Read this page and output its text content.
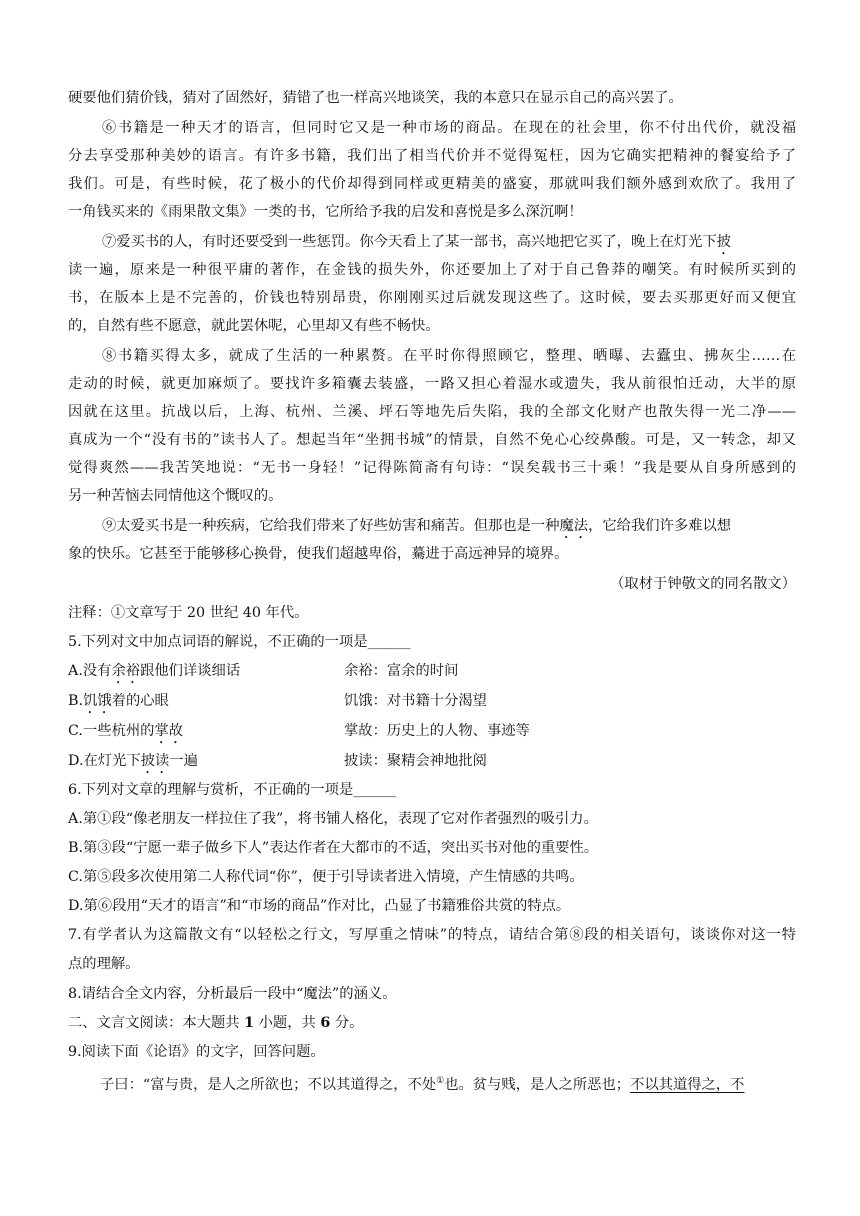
硬要他们猜价钱，猜对了固然好，猜错了也一样高兴地谈笑，我的本意只在显示自己的高兴罢了。
⑥书籍是一种天才的语言，但同时它又是一种市场的商品。在现在的社会里，你不付出代价，就没福
分去享受那种美妙的语言。有许多书籍，我们出了相当代价并不觉得冤枉，因为它确实把精神的餐宴给予了
我们。可是，有些时候，花了极小的代价却得到同样或更精美的盛宴，那就叫我们额外感到欢欣了。我用了
一角钱买来的《雨果散文集》一类的书，它所给予我的启发和喜悦是多么深沉啊！
⑦爱买书的人，有时还要受到一些惩罚。你今天看上了某一部书，高兴地把它买了，晚上在灯光下披
读一遍，原来是一种很平庸的著作，在金钱的损失外，你还要加上了对于自己鲁莽的嘲笑。有时候所买到的
书，在版本上是不完善的，价钱也特别昂贵，你刚刚买过后就发现这些了。这时候，要去买那更好而又便宜
的，自然有些不愿意，就此罢休呢，心里却又有些不畅快。
⑧书籍买得太多，就成了生活的一种累赘。在平时你得照顾它，整理、晒曝、去蠹虫、拂灰尘……在
走动的时候，就更加麻烦了。要找许多箱囊去装盛，一路又担心着湿水或遗失，我从前很怕迁动，大半的原
因就在这里。抗战以后，上海、杭州、兰溪、坪石等地先后失陷，我的全部文化财产也散失得一光二净——
真成为一个“没有书的”读书人了。想起当年“坐拥书城”的情景，自然不免心心绞鼻酸。可是，又一转念，却又
觉得爽然——我苦笑地说：“无书一身轻！”记得陈简斋有句诗：“误矣载书三十乘！”我是要从自身所感到的
另一种苦恼去同情他这个慨叹的。
⑨太爱买书是一种疾病，它给我们带来了好些妨害和痛苦。但那也是一种魔法，它给我们许多难以想
象的快乐。它甚至于能够移心换骨，使我们超越卑俗，驀进于高远神异的境界。
（取材于钟敬文的同名散文）
注释：①文章写于 20 世纪 40 年代。
5.下列对文中加点词语的解说，不正确的一项是______
A.没有余裕跟他们详谈细话	余裕：富余的时间
B.饥饿着的心眼	饥饿：对书籍十分渴望
C.一些杭州的掌故	掌故：历史上的人物、事迹等
D.在灯光下披读一遍	披读：聚精会神地批阅
6.下列对文章的理解与赏析，不正确的一项是______
A.第①段“像老朋友一样拉住了我”，将书铺人格化，表现了它对作者强烈的吸引力。
B.第③段“宁愿一辈子做乡下人”表达作者在大都市的不适，突出买书对他的重要性。
C.第⑤段多次使用第二人称代词“你”，便于引导读者进入情境，产生情感的共鸣。
D.第⑥段用“天才的语言”和“市场的商品”作对比，凸显了书籍雅俗共赏的特点。
7.有学者认为这篇散文有“以轻松之行文，写厚重之情味”的特点，请结合第⑧段的相关语句，谈谈你对这一特
点的理解。
8.请结合全文内容，分析最后一段中“魔法”的涵义。
二、文言文阅读：本大题共 1 小题，共 6 分。
9.阅读下面《论语》的文字，回答问题。
子曰：“富与贵，是人之所欲也；不以其道得之，不处①也。贫与贱，是人之所恶也；不以其道得之，不
